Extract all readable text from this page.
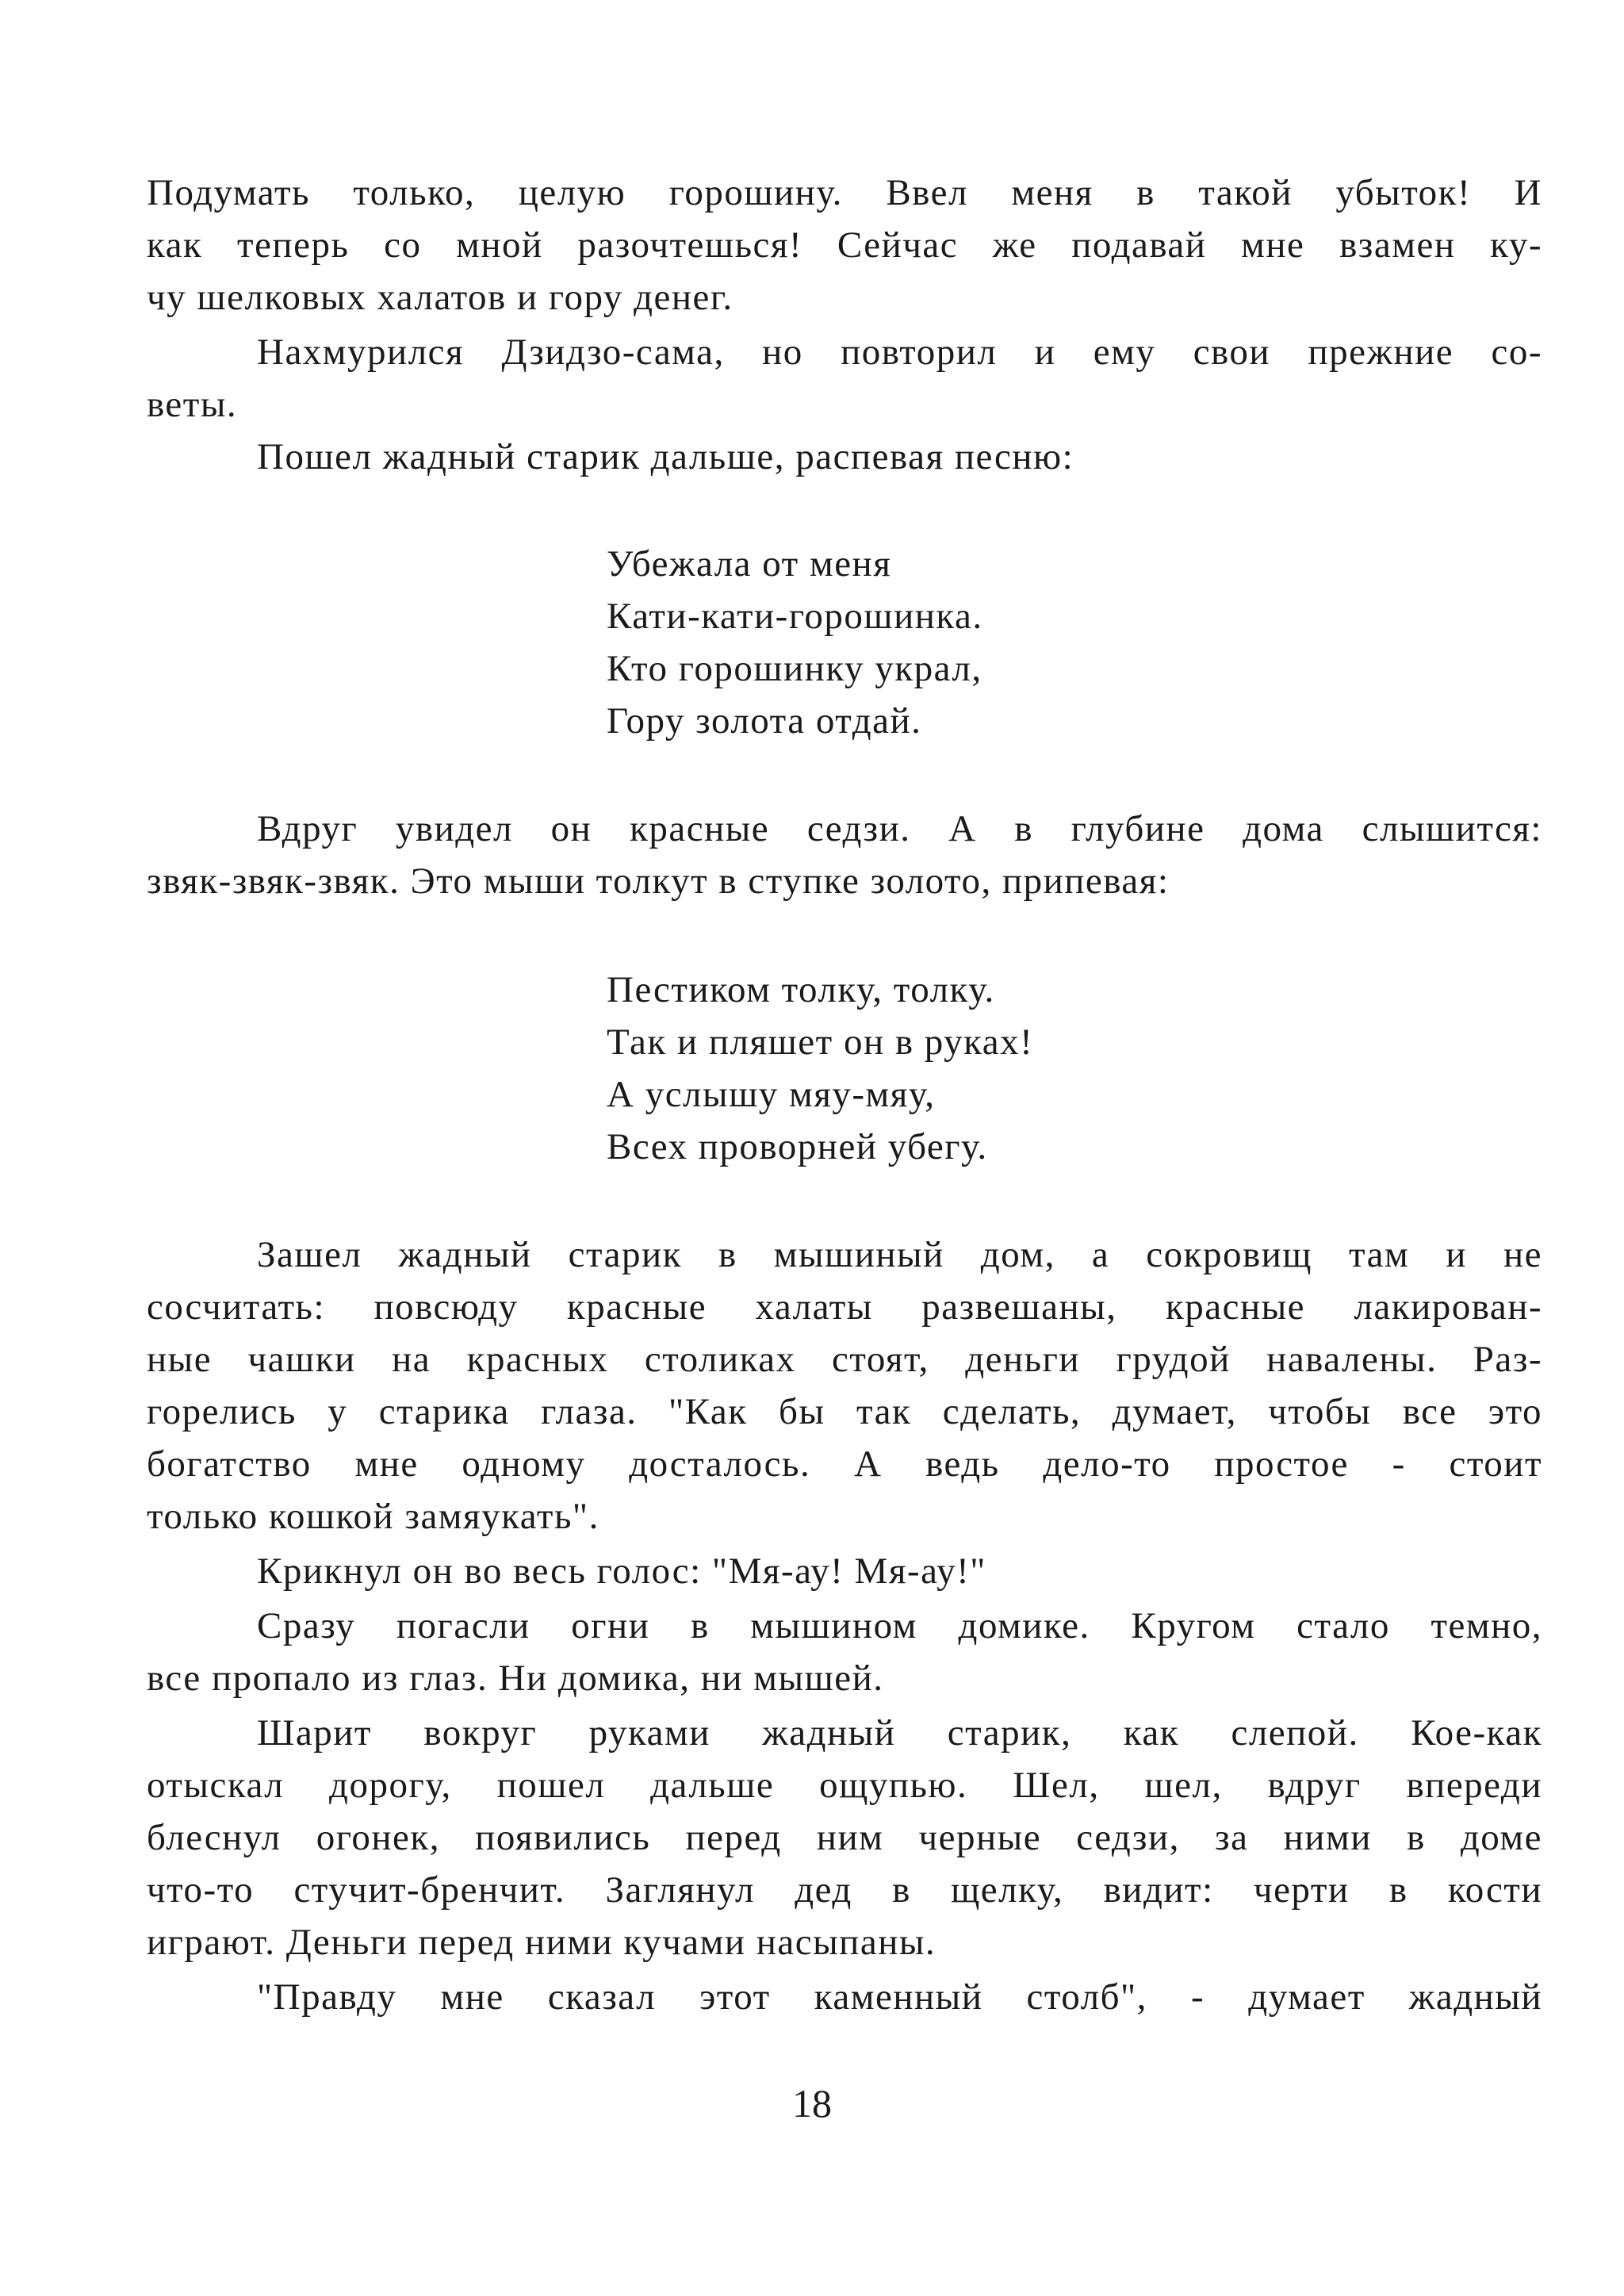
Подумать только, целую горошину. Ввел меня в такой убыток! И
как теперь со мной разочтешься! Сейчас же подавай мне взамен ку-
чу шелковых халатов и гору денег.
Нахмурился Дзидзо-сама, но повторил и ему свои прежние со-
веты.
Пошел жадный старик дальше, распевая песню:
Убежала от меня
Кати-кати-горошинка.
Кто горошинку украл,
Гору золота отдай.
Вдруг увидел он красные седзи. А в глубине дома слышится:
звяк-звяк-звяк. Это мыши толкут в ступке золото, припевая:
Пестиком толку, толку.
Так и пляшет он в руках!
А услышу мяу-мяу,
Всех проворней убегу.
Зашел жадный старик в мышиный дом, а сокровищ там и не
сосчитать: повсюду красные халаты развешаны, красные лакирован-
ные чашки на красных столиках стоят, деньги грудой навалены. Раз-
горелись у старика глаза. "Как бы так сделать, думает, чтобы все это
богатство мне одному досталось. А ведь дело-то простое - стоит
только кошкой замяукать".
Крикнул он во весь голос: "Мя-ау! Мя-ау!"
Сразу погасли огни в мышином домике. Кругом стало темно,
все пропало из глаз. Ни домика, ни мышей.
Шарит вокруг руками жадный старик, как слепой. Кое-как
отыскал дорогу, пошел дальше ощупью. Шел, шел, вдруг впереди
блеснул огонек, появились перед ним черные седзи, за ними в доме
что-то стучит-бренчит. Заглянул дед в щелку, видит: черти в кости
играют. Деньги перед ними кучами насыпаны.
"Правду мне сказал этот каменный столб", - думает жадный
18
